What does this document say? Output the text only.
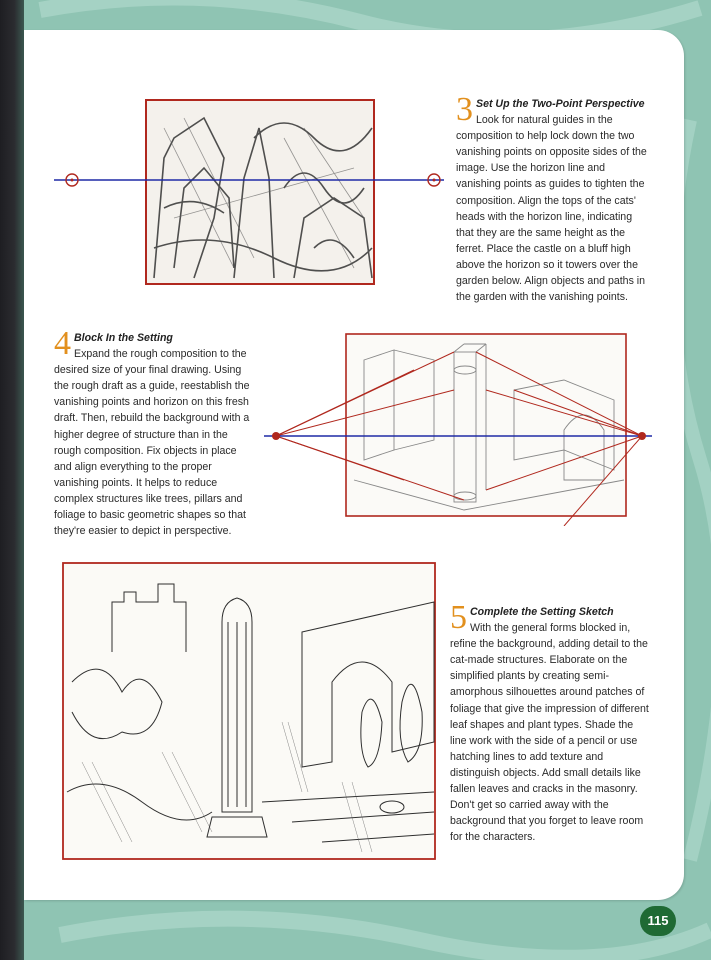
3 Set Up the Two-Point Perspective
Look for natural guides in the composition to help lock down the two vanishing points on opposite sides of the image. Use the horizon line and vanishing points as guides to tighten the composition. Align the tops of the cats' heads with the horizon line, indicating that they are the same height as the ferret. Place the castle on a bluff high above the horizon so it towers over the garden below. Align objects and paths in the garden with the vanishing points.
4 Block In the Setting
Expand the rough composition to the desired size of your final drawing. Using the rough draft as a guide, reestablish the vanishing points and horizon on this fresh draft. Then, rebuild the background with a higher degree of structure than in the rough composition. Fix objects in place and align everything to the proper vanishing points. It helps to reduce complex structures like trees, pillars and foliage to basic geometric shapes so that they're easier to depict in perspective.
5 Complete the Setting Sketch
With the general forms blocked in, refine the background, adding detail to the cat-made structures. Elaborate on the simplified plants by creating semi-amorphous silhouettes around patches of foliage that give the impression of different leaf shapes and plant types. Shade the line work with the side of a pencil or use hatching lines to add texture and distinguish objects. Add small details like fallen leaves and cracks in the masonry. Don't get so carried away with the background that you forget to leave room for the characters.
115
